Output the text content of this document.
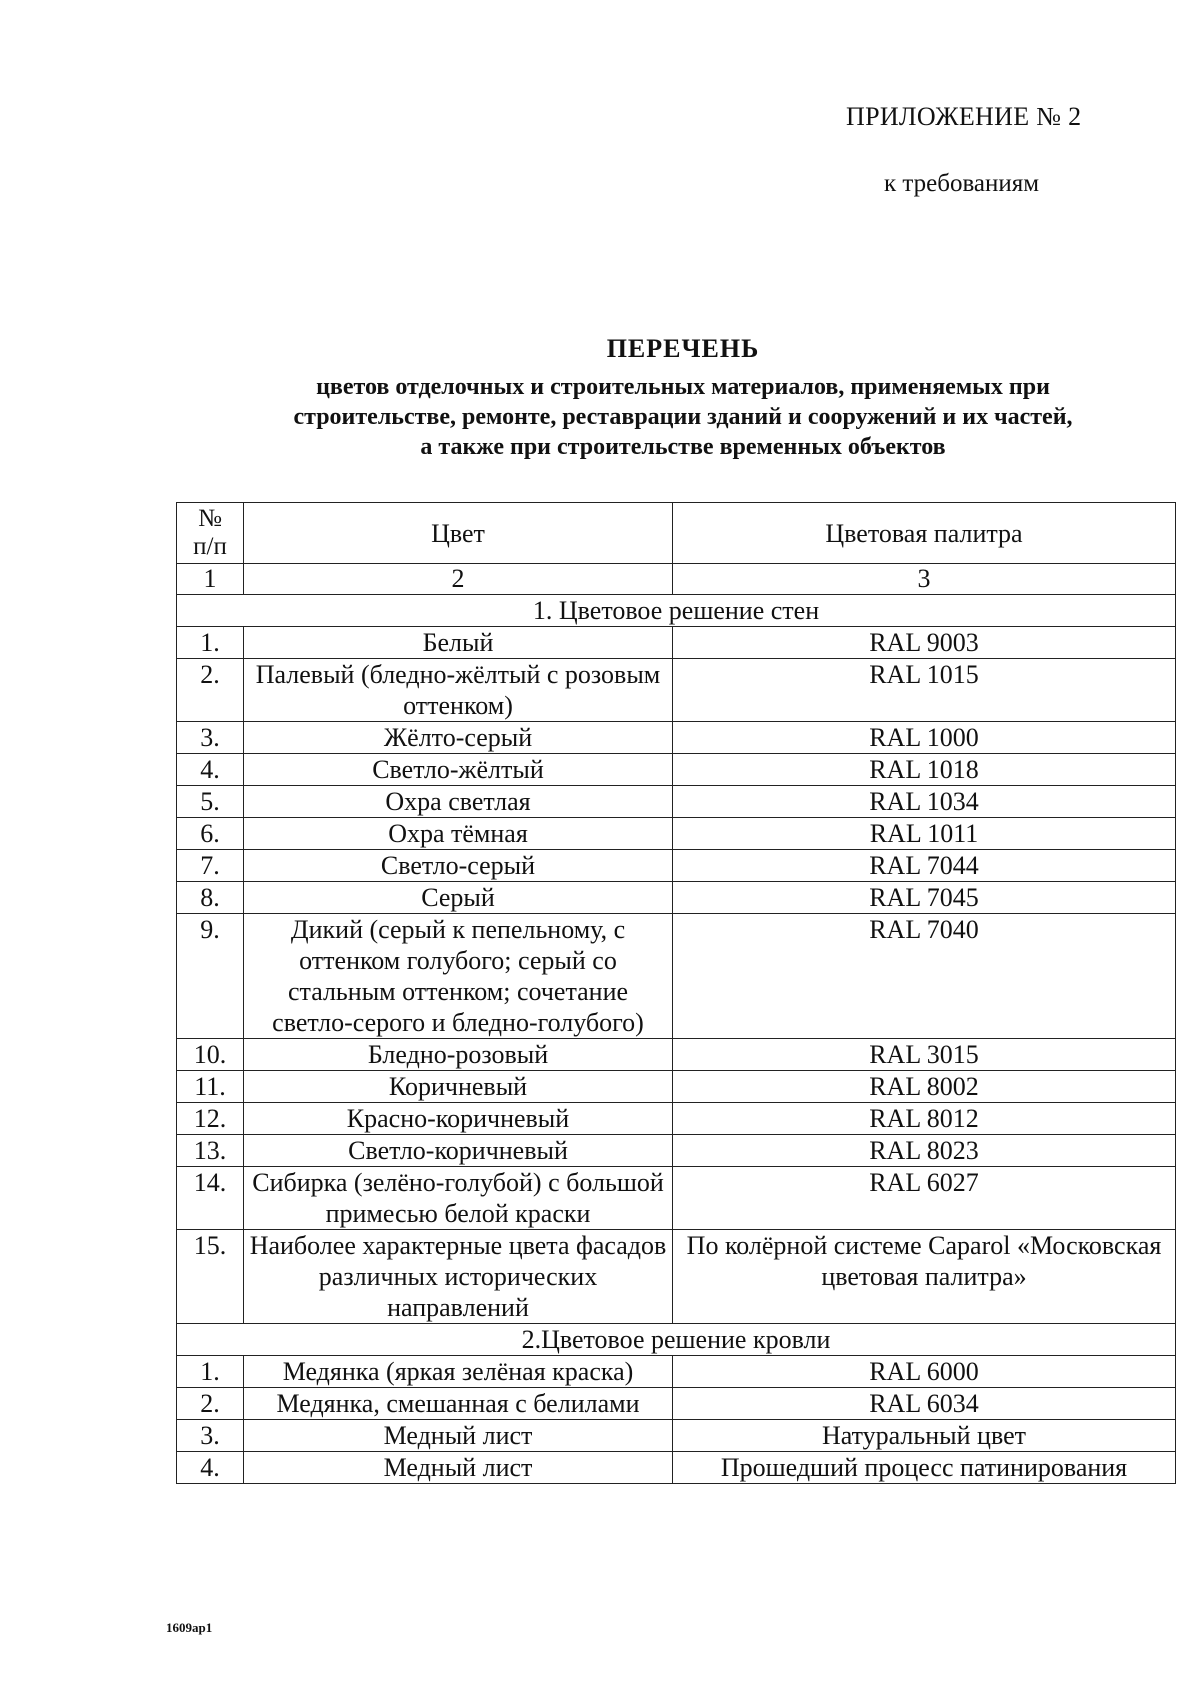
ПРИЛОЖЕНИЕ № 2
к требованиям
ПЕРЕЧЕНЬ
цветов отделочных и строительных материалов, применяемых при
строительстве, ремонте, реставрации зданий и сооружений и их частей,
а также при строительстве временных объектов
№
п/п	Цвет	Цветовая палитра
1	2	3
1. Цветовое решение стен		
1.	Белый	RAL 9003
2.	Палевый (бледно-жёлтый с розовым оттенком)	RAL 1015
3.	Жёлто-серый	RAL 1000
4.	Светло-жёлтый	RAL 1018
5.	Охра светлая	RAL 1034
6.	Охра тёмная	RAL 1011
7.	Светло-серый	RAL 7044
8.	Серый	RAL 7045
9.	Дикий (серый к пепельному, с оттенком голубого; серый со стальным оттенком; сочетание светло-серого и бледно-голубого)	RAL 7040
10.	Бледно-розовый	RAL 3015
11.	Коричневый	RAL 8002
12.	Красно-коричневый	RAL 8012
13.	Светло-коричневый	RAL 8023
14.	Сибирка (зелёно-голубой) с большой примесью белой краски	RAL 6027
15.	Наиболее характерные цвета фасадов различных исторических направлений	По колёрной системе Caparol «Московская цветовая палитра»
2.Цветовое решение кровли		
1.	Медянка (яркая зелёная краска)	RAL 6000
2.	Медянка, смешанная с белилами	RAL 6034
3.	Медный лист	Натуральный цвет
4.	Медный лист	Прошедший процесс патинирования
1609ap1
